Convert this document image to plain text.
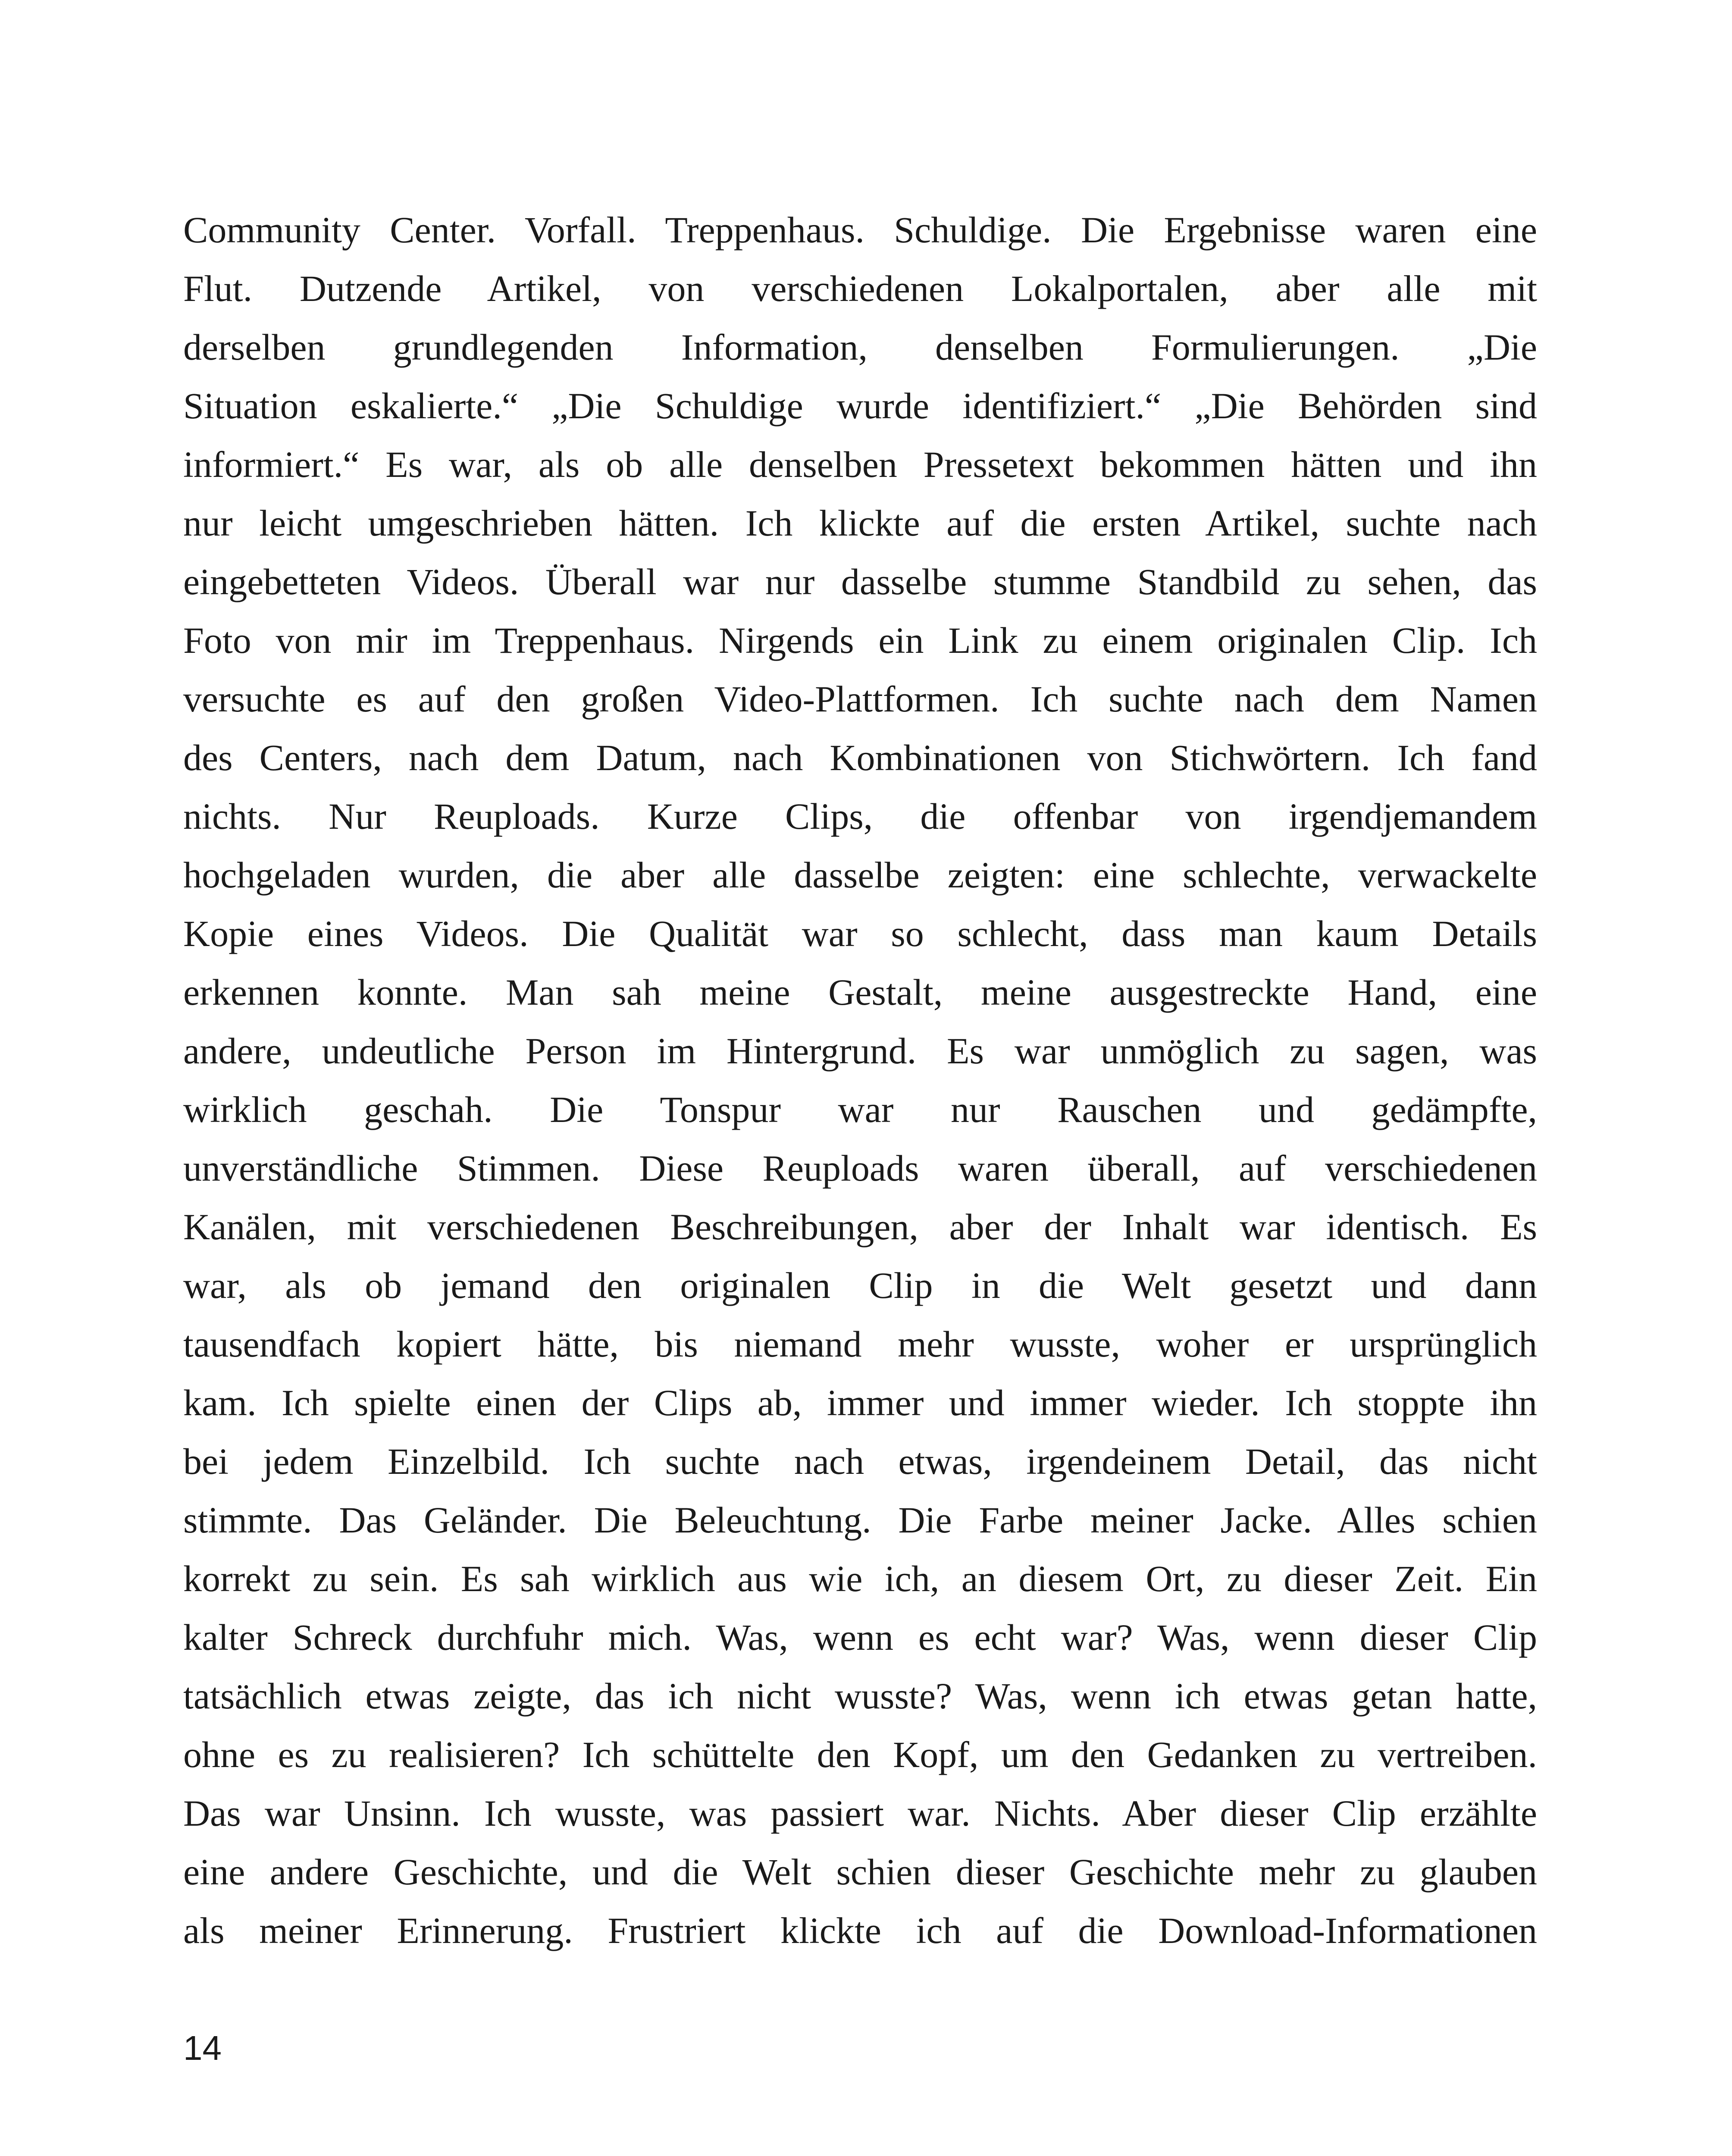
Community Center. Vorfall. Treppenhaus. Schuldige. Die Ergebnisse waren eine
Flut. Dutzende Artikel, von verschiedenen Lokalportalen, aber alle mit
derselben grundlegenden Information, denselben Formulierungen. „Die
Situation eskalierte.“ „Die Schuldige wurde identifiziert.“ „Die Behörden sind
informiert.“ Es war, als ob alle denselben Pressetext bekommen hätten und ihn
nur leicht umgeschrieben hätten. Ich klickte auf die ersten Artikel, suchte nach
eingebetteten Videos. Überall war nur dasselbe stumme Standbild zu sehen, das
Foto von mir im Treppenhaus. Nirgends ein Link zu einem originalen Clip. Ich
versuchte es auf den großen Video-Plattformen. Ich suchte nach dem Namen
des Centers, nach dem Datum, nach Kombinationen von Stichwörtern. Ich fand
nichts. Nur Reuploads. Kurze Clips, die offenbar von irgendjemandem
hochgeladen wurden, die aber alle dasselbe zeigten: eine schlechte, verwackelte
Kopie eines Videos. Die Qualität war so schlecht, dass man kaum Details
erkennen konnte. Man sah meine Gestalt, meine ausgestreckte Hand, eine
andere, undeutliche Person im Hintergrund. Es war unmöglich zu sagen, was
wirklich geschah. Die Tonspur war nur Rauschen und gedämpfte,
unverständliche Stimmen. Diese Reuploads waren überall, auf verschiedenen
Kanälen, mit verschiedenen Beschreibungen, aber der Inhalt war identisch. Es
war, als ob jemand den originalen Clip in die Welt gesetzt und dann
tausendfach kopiert hätte, bis niemand mehr wusste, woher er ursprünglich
kam. Ich spielte einen der Clips ab, immer und immer wieder. Ich stoppte ihn
bei jedem Einzelbild. Ich suchte nach etwas, irgendeinem Detail, das nicht
stimmte. Das Geländer. Die Beleuchtung. Die Farbe meiner Jacke. Alles schien
korrekt zu sein. Es sah wirklich aus wie ich, an diesem Ort, zu dieser Zeit. Ein
kalter Schreck durchfuhr mich. Was, wenn es echt war? Was, wenn dieser Clip
tatsächlich etwas zeigte, das ich nicht wusste? Was, wenn ich etwas getan hatte,
ohne es zu realisieren? Ich schüttelte den Kopf, um den Gedanken zu vertreiben.
Das war Unsinn. Ich wusste, was passiert war. Nichts. Aber dieser Clip erzählte
eine andere Geschichte, und die Welt schien dieser Geschichte mehr zu glauben
als meiner Erinnerung. Frustriert klickte ich auf die Download-Informationen
14
